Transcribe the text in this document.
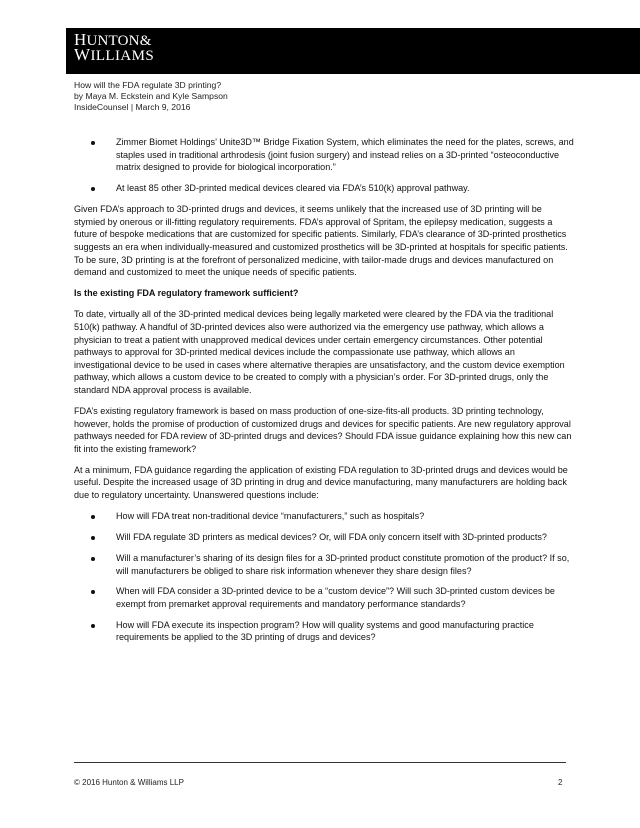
HUNTON&
WILLIAMS
How will the FDA regulate 3D printing?
by Maya M. Eckstein and Kyle Sampson
InsideCounsel | March 9, 2016
Zimmer Biomet Holdings’ Unite3D™ Bridge Fixation System, which eliminates the need for the plates, screws, and staples used in traditional arthrodesis (joint fusion surgery) and instead relies on a 3D-printed “osteoconductive matrix designed to provide for biological incorporation.”
At least 85 other 3D-printed medical devices cleared via FDA’s 510(k) approval pathway.

Given FDA’s approach to 3D-printed drugs and devices, it seems unlikely that the increased use of 3D printing will be stymied by onerous or ill-fitting regulatory requirements. FDA’s approval of Spritam, the epilepsy medication, suggests a future of bespoke medications that are customized for specific patients. Similarly, FDA’s clearance of 3D-printed prosthetics suggests an era when individually-measured and customized prosthetics will be 3D-printed at hospitals for specific patients. To be sure, 3D printing is at the forefront of personalized medicine, with tailor-made drugs and devices manufactured on demand and customized to meet the unique needs of specific patients.

Is the existing FDA regulatory framework sufficient?

To date, virtually all of the 3D-printed medical devices being legally marketed were cleared by the FDA via the traditional 510(k) pathway. A handful of 3D-printed devices also were authorized via the emergency use pathway, which allows a physician to treat a patient with unapproved medical devices under certain emergency circumstances. Other potential pathways to approval for 3D-printed medical devices include the compassionate use pathway, which allows an investigational device to be used in cases where alternative therapies are unsatisfactory, and the custom device exemption pathway, which allows a custom device to be created to comply with a physician’s order. For 3D-printed drugs, only the standard NDA approval process is available.

FDA’s existing regulatory framework is based on mass production of one-size-fits-all products. 3D printing technology, however, holds the promise of production of customized drugs and devices for specific patients. Are new regulatory approval pathways needed for FDA review of 3D-printed drugs and devices? Should FDA issue guidance explaining how this new can fit into the existing framework?

At a minimum, FDA guidance regarding the application of existing FDA regulation to 3D-printed drugs and devices would be useful. Despite the increased usage of 3D printing in drug and device manufacturing, many manufacturers are holding back due to regulatory uncertainty. Unanswered questions include:

How will FDA treat non-traditional device “manufacturers,” such as hospitals?
Will FDA regulate 3D printers as medical devices? Or, will FDA only concern itself with 3D-printed products?
Will a manufacturer’s sharing of its design files for a 3D-printed product constitute promotion of the product? If so, will manufacturers be obliged to share risk information whenever they share design files?
When will FDA consider a 3D-printed device to be a “custom device”? Will such 3D-printed custom devices be exempt from premarket approval requirements and mandatory performance standards?
How will FDA execute its inspection program? How will quality systems and good manufacturing practice requirements be applied to the 3D printing of drugs and devices?
© 2016 Hunton & Williams LLP	2
